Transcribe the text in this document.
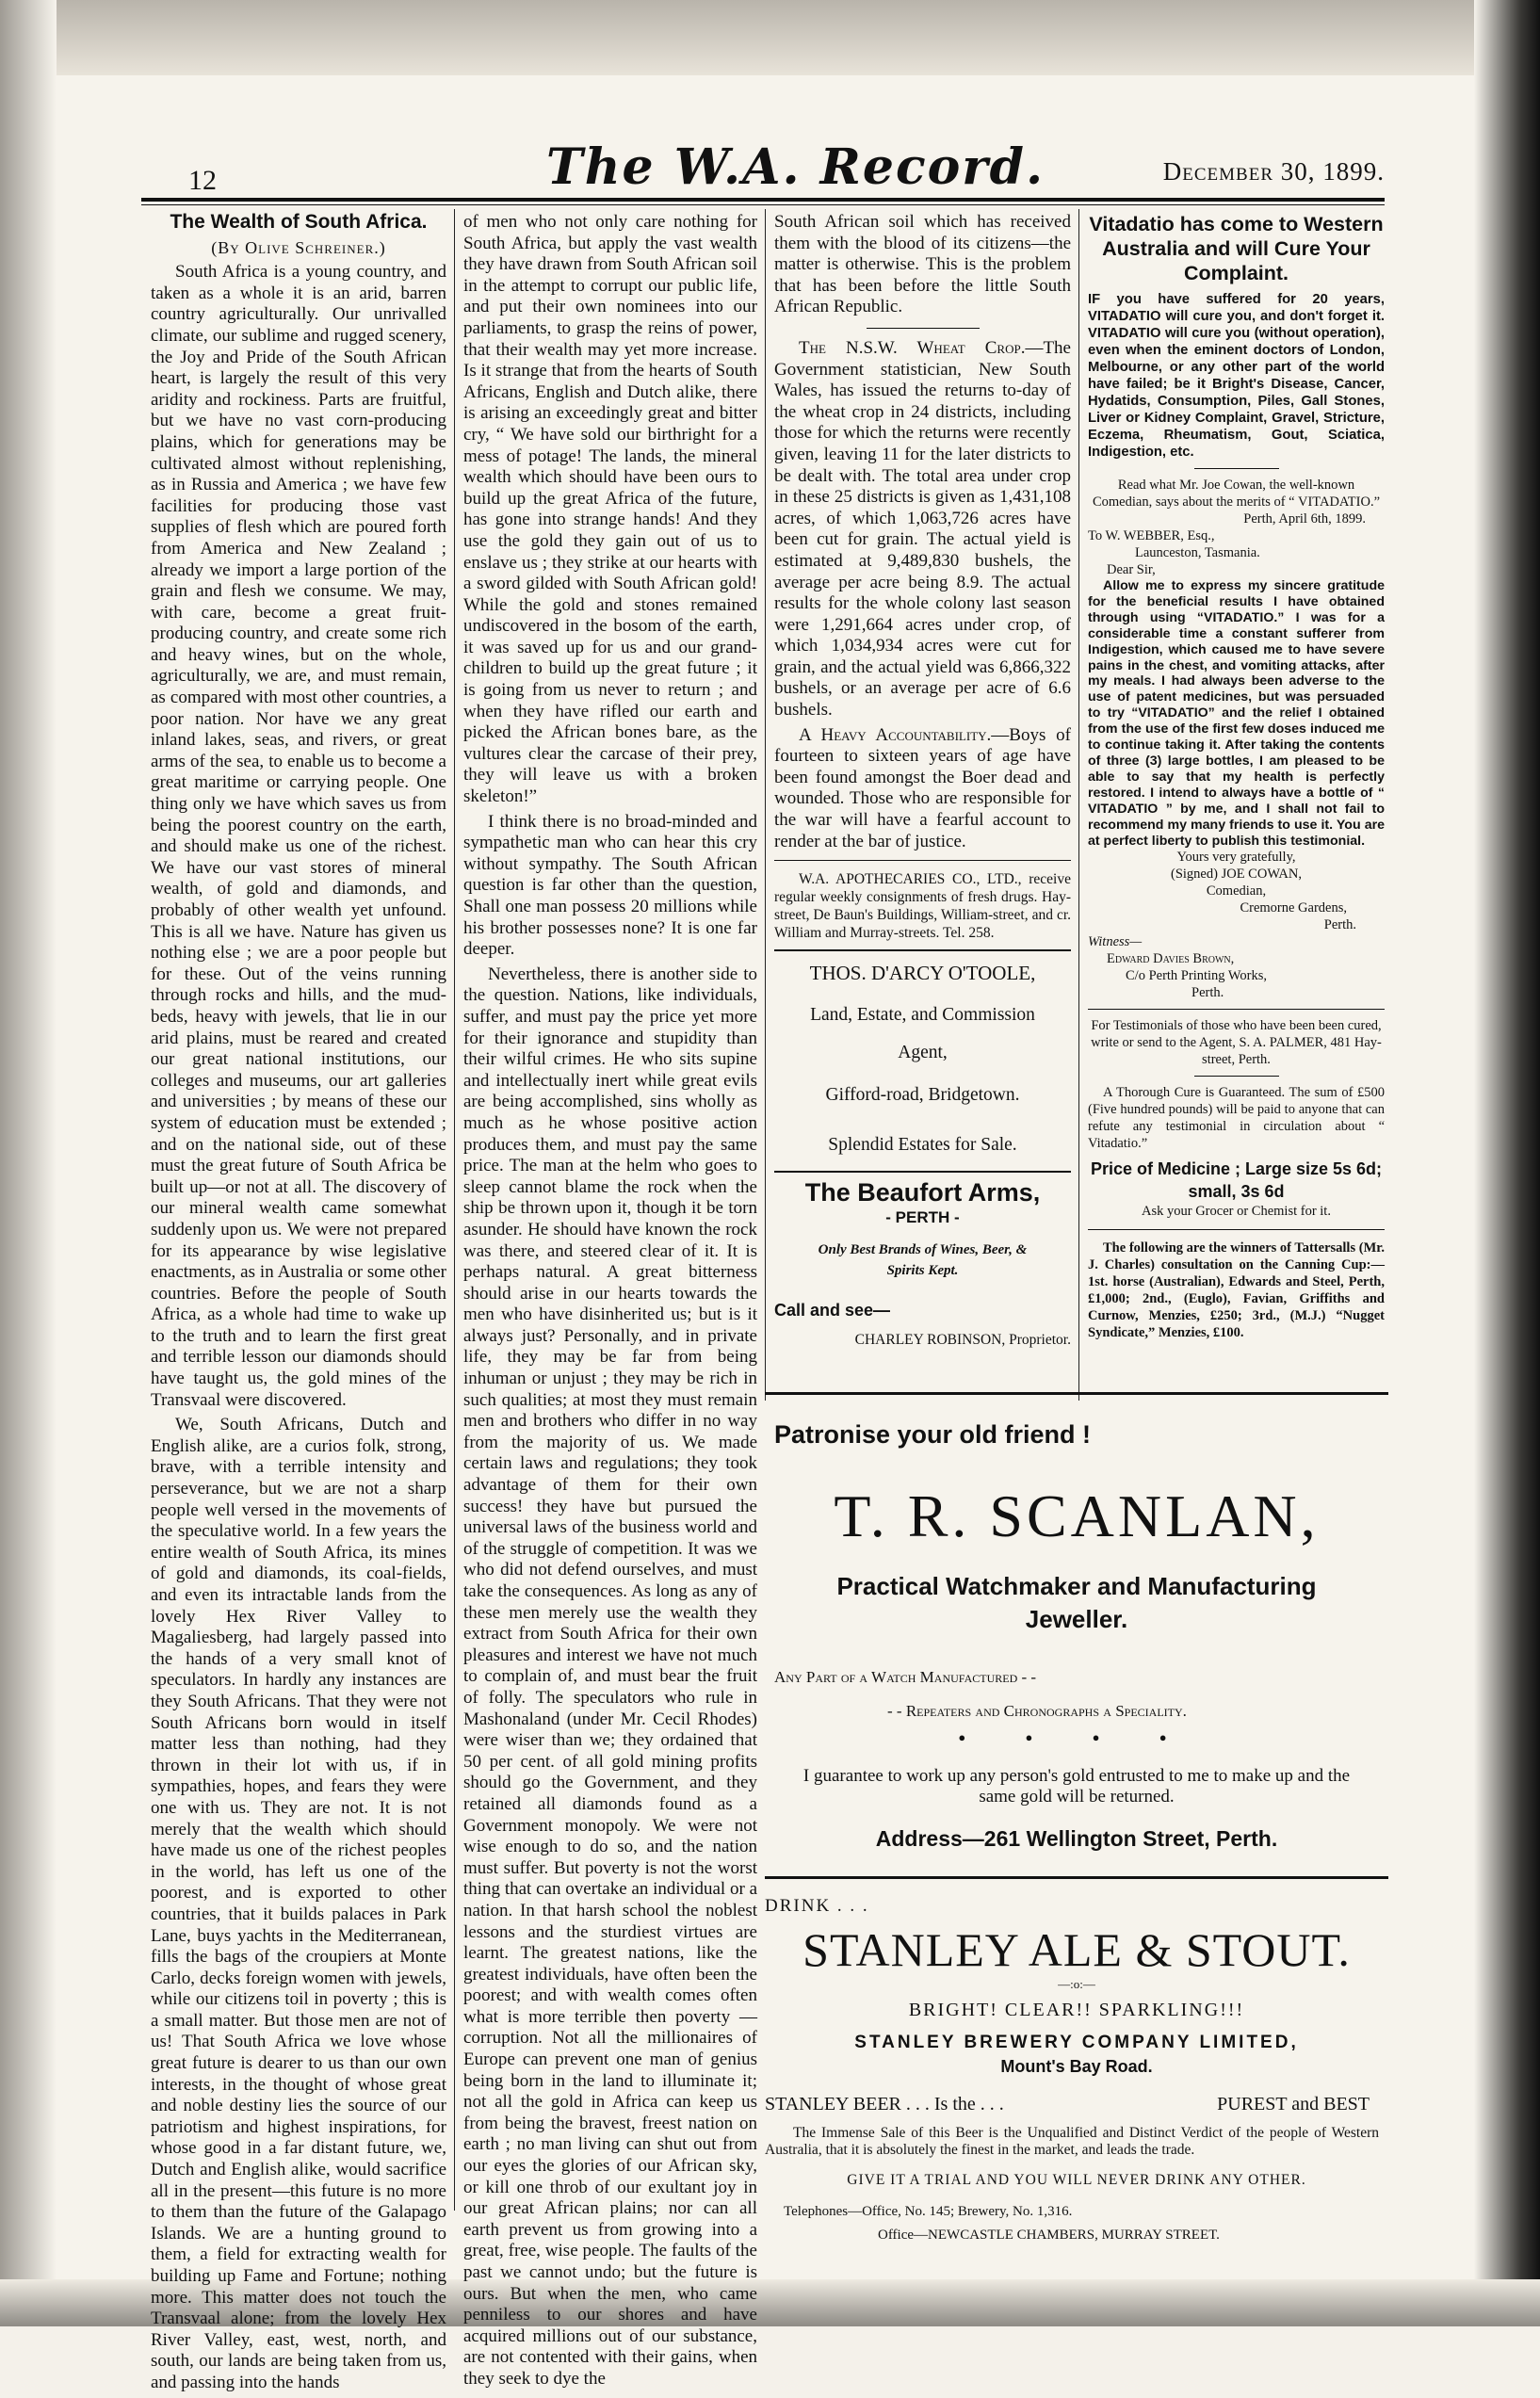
12	The W.A. Record.	December 30, 1899.

The Wealth of South Africa.

(By Olive Schreiner.)

South Africa is a young country, and taken as a whole it is an arid, barren country agriculturally. Our unrivalled climate, our sublime and rugged scenery, the Joy and Pride of the South African heart, is largely the result of this very aridity and rockiness. Parts are fruitful, but we have no vast corn-producing plains, which for generations may be cultivated almost without replenishing, as in Russia and America ; we have few facilities for producing those vast supplies of flesh which are poured forth from America and New Zealand ; already we import a large portion of the grain and flesh we consume. We may, with care, become a great fruit-producing country, and create some rich and heavy wines, but on the whole, agriculturally, we are, and must remain, as compared with most other countries, a poor nation. Nor have we any great inland lakes, seas, and rivers, or great arms of the sea, to enable us to become a great maritime or carrying people. One thing only we have which saves us from being the poorest country on the earth, and should make us one of the richest. We have our vast stores of mineral wealth, of gold and diamonds, and probably of other wealth yet unfound. This is all we have. Nature has given us nothing else ; we are a poor people but for these. Out of the veins running through rocks and hills, and the mud-beds, heavy with jewels, that lie in our arid plains, must be reared and created our great national institutions, our colleges and museums, our art galleries and universities ; by means of these our system of education must be extended ; and on the national side, out of these must the great future of South Africa be built up—or not at all. The discovery of our mineral wealth came somewhat suddenly upon us. We were not prepared for its appearance by wise legislative enactments, as in Australia or some other countries. Before the people of South Africa, as a whole had time to wake up to the truth and to learn the first great and terrible lesson our diamonds should have taught us, the gold mines of the Transvaal were discovered.

We, South Africans, Dutch and English alike, are a curios folk, strong, brave, with a terrible intensity and perseverance, but we are not a sharp people well versed in the movements of the speculative world. In a few years the entire wealth of South Africa, its mines of gold and diamonds, its coal-fields, and even its intractable lands from the lovely Hex River Valley to Magaliesberg, had largely passed into the hands of a very small knot of speculators. In hardly any instances are they South Africans. That they were not South Africans born would in itself matter less than nothing, had they thrown in their lot with us, if in sympathies, hopes, and fears they were one with us. They are not. It is not merely that the wealth which should have made us one of the richest peoples in the world, has left us one of the poorest, and is exported to other countries, that it builds palaces in Park Lane, buys yachts in the Mediterranean, fills the bags of the croupiers at Monte Carlo, decks foreign women with jewels, while our citizens toil in poverty ; this is a small matter. But those men are not of us! That South Africa we love whose great future is dearer to us than our own interests, in the thought of whose great and noble destiny lies the source of our patriotism and highest inspirations, for whose good in a far distant future, we, Dutch and English alike, would sacrifice all in the present—this future is no more to them than the future of the Galapago Islands. We are a hunting ground to them, a field for extracting wealth for building up Fame and Fortune; nothing more. This matter does not touch the Transvaal alone; from the lovely Hex River Valley, east, west, north, and south, our lands are being taken from us, and passing into the hands

of men who not only care nothing for South Africa, but apply the vast wealth they have drawn from South African soil in the attempt to corrupt our public life, and put their own nominees into our parliaments, to grasp the reins of power, that their wealth may yet more increase. Is it strange that from the hearts of South Africans, English and Dutch alike, there is arising an exceedingly great and bitter cry, “ We have sold our birthright for a mess of potage! The lands, the mineral wealth which should have been ours to build up the great Africa of the future, has gone into strange hands! And they use the gold they gain out of us to enslave us ; they strike at our hearts with a sword gilded with South African gold! While the gold and stones remained undiscovered in the bosom of the earth, it was saved up for us and our grand-children to build up the great future ; it is going from us never to return ; and when they have rifled our earth and picked the African bones bare, as the vultures clear the carcase of their prey, they will leave us with a broken skeleton!”

I think there is no broad-minded and sympathetic man who can hear this cry without sympathy. The South African question is far other than the question, Shall one man possess 20 millions while his brother possesses none? It is one far deeper.

Nevertheless, there is another side to the question. Nations, like individuals, suffer, and must pay the price yet more for their ignorance and stupidity than their wilful crimes. He who sits supine and intellectually inert while great evils are being accomplished, sins wholly as much as he whose positive action produces them, and must pay the same price. The man at the helm who goes to sleep cannot blame the rock when the ship be thrown upon it, though it be torn asunder. He should have known the rock was there, and steered clear of it. It is perhaps natural. A great bitterness should arise in our hearts towards the men who have disinherited us; but is it always just? Personally, and in private life, they may be far from being inhuman or unjust ; they may be rich in such qualities; at most they must remain men and brothers who differ in no way from the majority of us. We made certain laws and regulations; they took advantage of them for their own success! they have but pursued the universal laws of the business world and of the struggle of competition. It was we who did not defend ourselves, and must take the consequences. As long as any of these men merely use the wealth they extract from South Africa for their own pleasures and interest we have not much to complain of, and must bear the fruit of folly. The speculators who rule in Mashonaland (under Mr. Cecil Rhodes) were wiser than we; they ordained that 50 per cent. of all gold mining profits should go the Government, and they retained all diamonds found as a Government monopoly. We were not wise enough to do so, and the nation must suffer. But poverty is not the worst thing that can overtake an individual or a nation. In that harsh school the noblest lessons and the sturdiest virtues are learnt. The greatest nations, like the greatest individuals, have often been the poorest; and with wealth comes often what is more terrible then poverty — corruption. Not all the millionaires of Europe can prevent one man of genius being born in the land to illuminate it; not all the gold in Africa can keep us from being the bravest, freest nation on earth ; no man living can shut out from our eyes the glories of our African sky, or kill one throb of our exultant joy in our great African plains; nor can all earth prevent us from growing into a great, free, wise people. The faults of the past we cannot undo; but the future is ours. But when the men, who came penniless to our shores and have acquired millions out of our substance, are not contented with their gains, when they seek to dye the

South African soil which has received them with the blood of its citizens—the matter is otherwise. This is the problem that has been before the little South African Republic.

The N.S.W. Wheat Crop.—The Government statistician, New South Wales, has issued the returns to-day of the wheat crop in 24 districts, including those for which the returns were recently given, leaving 11 for the later districts to be dealt with. The total area under crop in these 25 districts is given as 1,431,108 acres, of which 1,063,726 acres have been cut for grain. The actual yield is estimated at 9,489,830 bushels, the average per acre being 8.9. The actual results for the whole colony last season were 1,291,664 acres under crop, of which 1,034,934 acres were cut for grain, and the actual yield was 6,866,322 bushels, or an average per acre of 6.6 bushels.

A Heavy Accountability.—Boys of fourteen to sixteen years of age have been found amongst the Boer dead and wounded. Those who are responsible for the war will have a fearful account to render at the bar of justice.

W.A. APOTHECARIES CO., LTD., receive regular weekly consignments of fresh drugs. Hay-street, De Baun's Buildings, William-street, and cr. William and Murray-streets. Tel. 258.

THOS. D'ARCY O'TOOLE,
Land, Estate, and Commission
Agent,
Gifford-road, Bridgetown.
Splendid Estates for Sale.
The Beaufort Arms,
- PERTH -
Only Best Brands of Wines, Beer, & Spirits Kept.
Call and see—
CHARLEY ROBINSON, Proprietor.
Vitadatio has come to Western Australia and will Cure Your Complaint.
IF you have suffered for 20 years, VITADATIO will cure you, and don't forget it. VITADATIO will cure you (without operation), even when the eminent doctors of London, Melbourne, or any other part of the world have failed; be it Bright's Disease, Cancer, Hydatids, Consumption, Piles, Gall Stones, Liver or Kidney Complaint, Gravel, Stricture, Eczema, Rheumatism, Gout, Sciatica, Indigestion, etc.
Read what Mr. Joe Cowan, the well-known Comedian, says about the merits of “ VITADATIO.”
Perth, April 6th, 1899.
To W. WEBBER, Esq.,
Launceston, Tasmania.
Dear Sir,
Allow me to express my sincere gratitude for the beneficial results I have obtained through using “VITADATIO.” I was for a considerable time a constant sufferer from Indigestion, which caused me to have severe pains in the chest, and vomiting attacks, after my meals. I had always been adverse to the use of patent medicines, but was persuaded to try “VITADATIO” and the relief I obtained from the use of the first few doses induced me to continue taking it. After taking the contents of three (3) large bottles, I am pleased to be able to say that my health is perfectly restored. I intend to always have a bottle of “ VITADATIO ” by me, and I shall not fail to recommend my many friends to use it. You are at perfect liberty to publish this testimonial.
Yours very gratefully,
(Signed) JOE COWAN,
Comedian,
Cremorne Gardens,
Perth.
Witness—
Edward Davies Brown,
C/o Perth Printing Works,
Perth.
For Testimonials of those who have been been cured, write or send to the Agent, S. A. PALMER, 481 Hay-street, Perth.
A Thorough Cure is Guaranteed. The sum of £500 (Five hundred pounds) will be paid to anyone that can refute any testimonial in circulation about “ Vitadatio.”
Price of Medicine ; Large size 5s 6d; small, 3s 6d
Ask your Grocer or Chemist for it.
The following are the winners of Tattersalls (Mr. J. Charles) consultation on the Canning Cup:—1st. horse (Australian), Edwards and Steel, Perth, £1,000; 2nd., (Euglo), Favian, Griffiths and Curnow, Menzies, £250; 3rd., (M.J.) “Nugget Syndicate,” Menzies, £100.
Patronise your old friend !
T. R. SCANLAN,
Practical Watchmaker and Manufacturing
Jeweller.
Any Part of a Watch Manufactured - -
- - Repeaters and Chronographs a Speciality.
● ● ● ●
I guarantee to work up any person's gold entrusted to me to make up and the same gold will be returned.
Address—261 Wellington Street, Perth.
DRINK . . .
STANLEY ALE & STOUT.
—:o:—
BRIGHT! CLEAR!! SPARKLING!!!
STANLEY BREWERY COMPANY LIMITED,
Mount's Bay Road.
STANLEY BEER . . . Is the . . .	PUREST and BEST
The Immense Sale of this Beer is the Unqualified and Distinct Verdict of the people of Western Australia, that it is absolutely the finest in the market, and leads the trade.
GIVE IT A TRIAL AND YOU WILL NEVER DRINK ANY OTHER.
Telephones—Office, No. 145; Brewery, No. 1,316.
Office—NEWCASTLE CHAMBERS, MURRAY STREET.
